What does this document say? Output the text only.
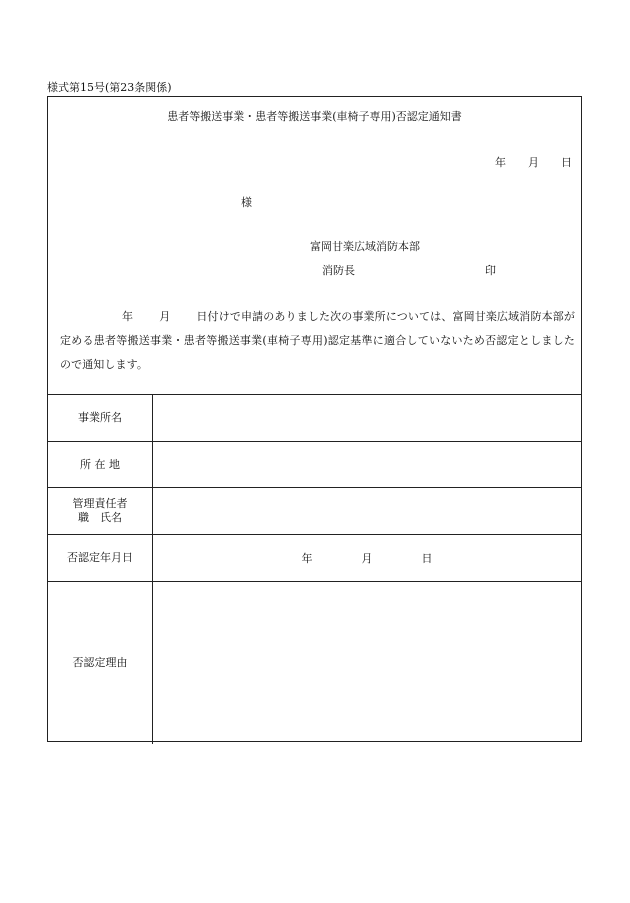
様式第15号(第23条関係)
患者等搬送事業・患者等搬送事業(車椅子専用)否認定通知書
年 月 日
様
富岡甘楽広域消防本部
消防長	印
年 月 日付けで申請のありました次の事業所については、富岡甘楽広域消防本部が定める患者等搬送事業・患者等搬送事業(車椅子専用)認定基準に適合していないため否認定としましたので通知します。
事業所名
所 在 地
管理責任者
職　氏名
否認定年月日	年	月	日
否認定理由
